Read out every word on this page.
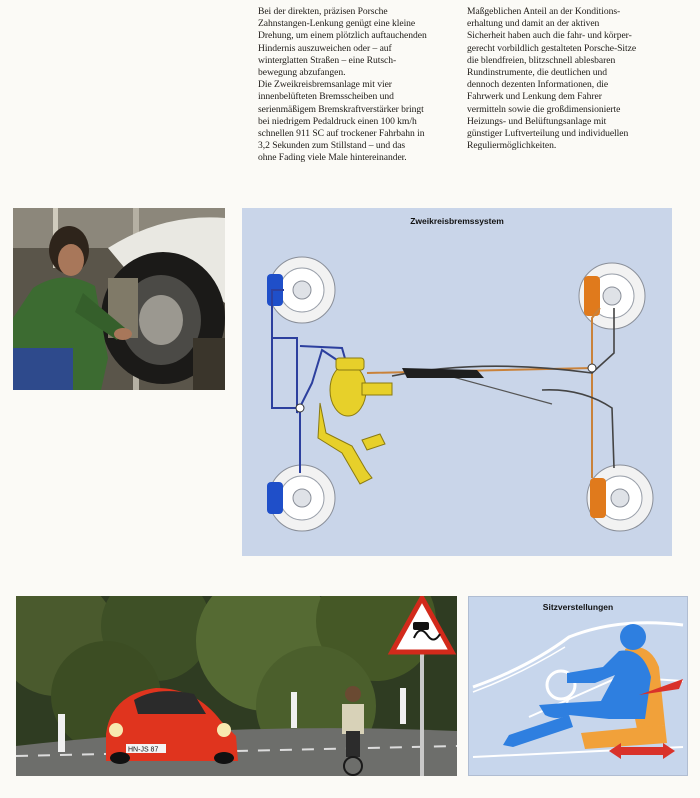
Bei der direkten, präzisen Porsche
Zahnstangen-Lenkung genügt eine kleine
Drehung, um einem plötzlich auftauchenden
Hindernis auszuweichen oder – auf
winterglatten Straßen – eine Rutsch-
bewegung abzufangen.
Die Zweikreisbremsanlage mit vier
innenbelüfteten Bremsscheiben und
serienmäßigem Bremskraftverstärker bringt
bei niedrigem Pedaldruck einen 100 km/h
schnellen 911 SC auf trockener Fahrbahn in
3,2 Sekunden zum Stillstand – und das
ohne Fading viele Male hintereinander.
Maßgeblichen Anteil an der Konditions-
erhaltung und damit an der aktiven
Sicherheit haben auch die fahr- und körper-
gerecht vorbildlich gestalteten Porsche-Sitze
die blendfreien, blitzschnell ablesbaren
Rundinstrumente, die deutlichen und
dennoch dezenten Informationen, die
Fahrwerk und Lenkung dem Fahrer
vermitteln sowie die großdimensionierte
Heizungs- und Belüftungsanlage mit
günstiger Luftverteilung und individuellen
Reguliermöglichkeiten.
Zweikreisbremssystem
HN-JS 87
Sitzverstellungen
